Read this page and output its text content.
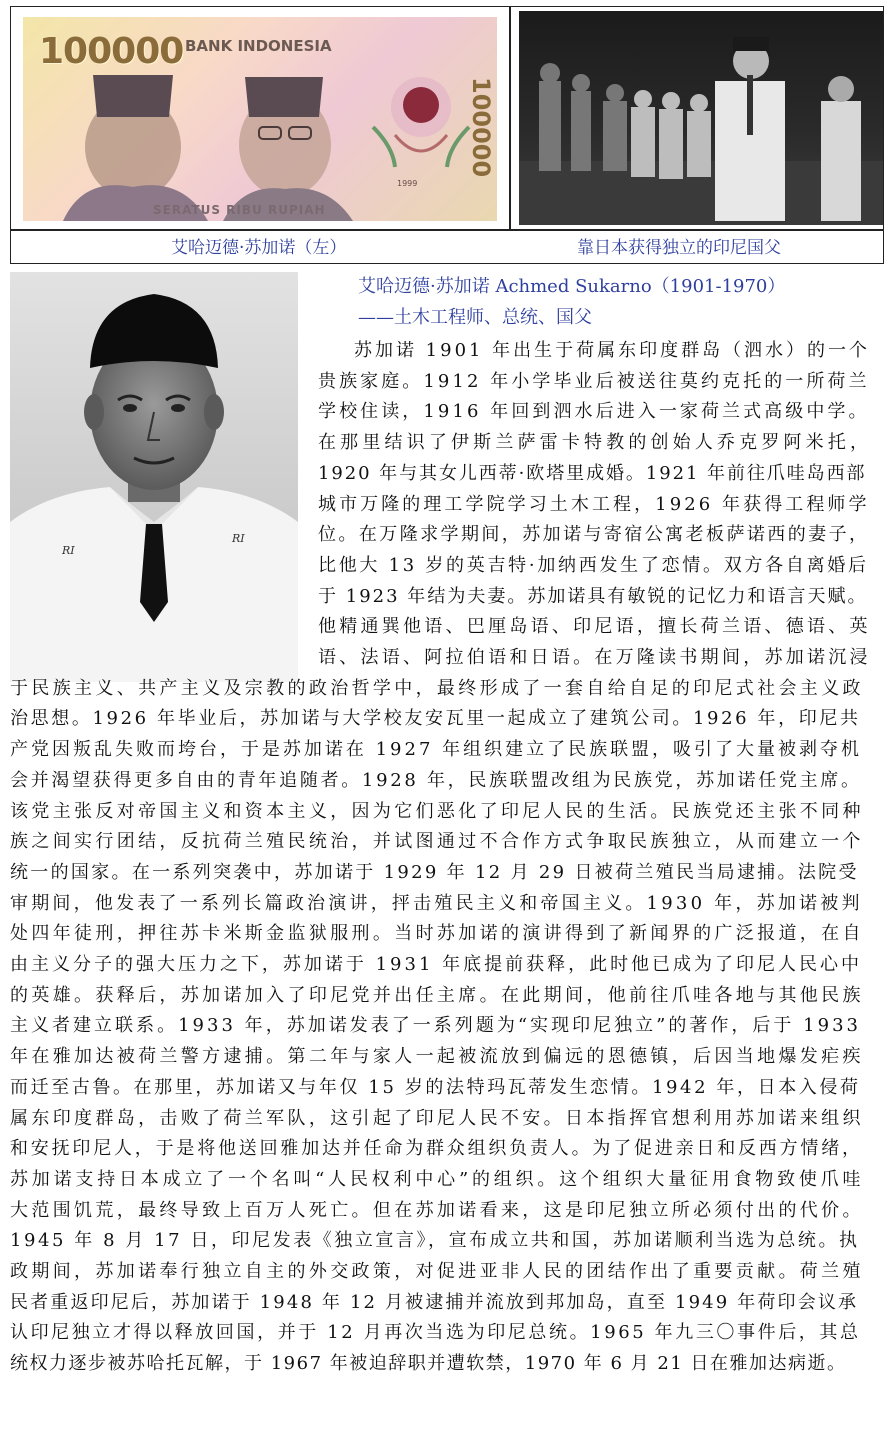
100000 BANK INDONESIA
SERATUS RIBU RUPIAH
1999
100000
艾哈迈德·苏加诺（左）	靠日本获得独立的印尼国父
RI
RI
艾哈迈德·苏加诺 Achmed Sukarno（1901-1970）
——土木工程师、总统、国父
苏加诺 1901 年出生于荷属东印度群岛（泗水）的一个
贵族家庭。1912 年小学毕业后被送往莫约克托的一所荷兰
学校住读，1916 年回到泗水后进入一家荷兰式高级中学。
在那里结识了伊斯兰萨雷卡特教的创始人乔克罗阿米托，
1920 年与其女儿西蒂·欧塔里成婚。1921 年前往爪哇岛西部
城市万隆的理工学院学习土木工程，1926 年获得工程师学
位。在万隆求学期间，苏加诺与寄宿公寓老板萨诺西的妻子，
比他大 13 岁的英吉特·加纳西发生了恋情。双方各自离婚后
于 1923 年结为夫妻。苏加诺具有敏锐的记忆力和语言天赋。
他精通巽他语、巴厘岛语、印尼语，擅长荷兰语、德语、英
语、法语、阿拉伯语和日语。在万隆读书期间，苏加诺沉浸
于民族主义、共产主义及宗教的政治哲学中，最终形成了一套自给自足的印尼式社会主义政
治思想。1926 年毕业后，苏加诺与大学校友安瓦里一起成立了建筑公司。1926 年，印尼共
产党因叛乱失败而垮台，于是苏加诺在 1927 年组织建立了民族联盟，吸引了大量被剥夺机
会并渴望获得更多自由的青年追随者。1928 年，民族联盟改组为民族党，苏加诺任党主席。
该党主张反对帝国主义和资本主义，因为它们恶化了印尼人民的生活。民族党还主张不同种
族之间实行团结，反抗荷兰殖民统治，并试图通过不合作方式争取民族独立，从而建立一个
统一的国家。在一系列突袭中，苏加诺于 1929 年 12 月 29 日被荷兰殖民当局逮捕。法院受
审期间，他发表了一系列长篇政治演讲，抨击殖民主义和帝国主义。1930 年，苏加诺被判
处四年徒刑，押往苏卡米斯金监狱服刑。当时苏加诺的演讲得到了新闻界的广泛报道，在自
由主义分子的强大压力之下，苏加诺于 1931 年底提前获释，此时他已成为了印尼人民心中
的英雄。获释后，苏加诺加入了印尼党并出任主席。在此期间，他前往爪哇各地与其他民族
主义者建立联系。1933 年，苏加诺发表了一系列题为“实现印尼独立”的著作，后于 1933
年在雅加达被荷兰警方逮捕。第二年与家人一起被流放到偏远的恩德镇，后因当地爆发疟疾
而迁至古鲁。在那里，苏加诺又与年仅 15 岁的法特玛瓦蒂发生恋情。1942 年，日本入侵荷
属东印度群岛，击败了荷兰军队，这引起了印尼人民不安。日本指挥官想利用苏加诺来组织
和安抚印尼人，于是将他送回雅加达并任命为群众组织负责人。为了促进亲日和反西方情绪，
苏加诺支持日本成立了一个名叫“人民权利中心”的组织。这个组织大量征用食物致使爪哇
大范围饥荒，最终导致上百万人死亡。但在苏加诺看来，这是印尼独立所必须付出的代价。
1945 年 8 月 17 日，印尼发表《独立宣言》，宣布成立共和国，苏加诺顺利当选为总统。执
政期间，苏加诺奉行独立自主的外交政策，对促进亚非人民的团结作出了重要贡献。荷兰殖
民者重返印尼后，苏加诺于 1948 年 12 月被逮捕并流放到邦加岛，直至 1949 年荷印会议承
认印尼独立才得以释放回国，并于 12 月再次当选为印尼总统。1965 年九三〇事件后，其总
统权力逐步被苏哈托瓦解，于 1967 年被迫辞职并遭软禁，1970 年 6 月 21 日在雅加达病逝。
